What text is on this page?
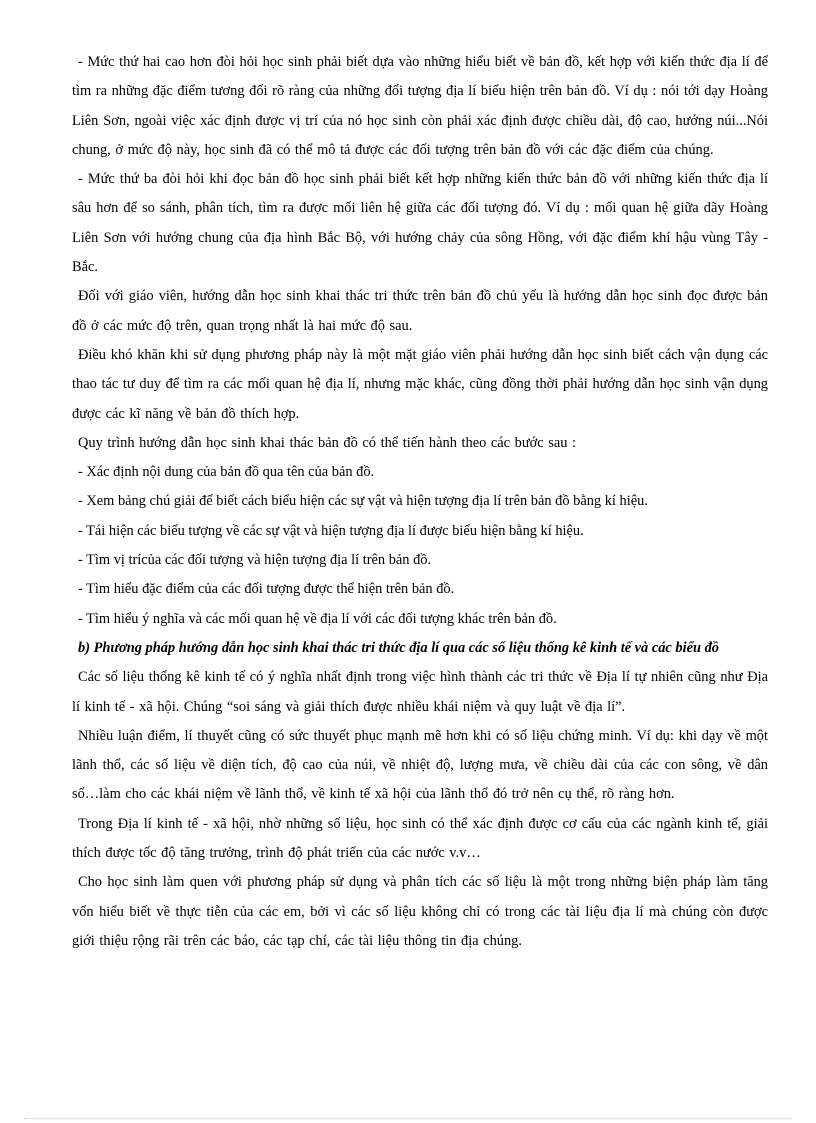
- Mức thứ hai cao hơn đòi hỏi học sinh phải biết dựa vào những hiểu biết về bản đồ, kết hợp với kiến thức địa lí để tìm ra những đặc điểm tương đối rõ ràng của những đối tượng địa lí biểu hiện trên bản đồ. Ví dụ : nói tới dạy Hoàng Liên Sơn, ngoài việc xác định được vị trí của nó học sinh còn phải xác định được chiều dài, độ cao, hướng núi...Nói chung, ở mức độ này, học sinh đã có thể mô tả được các đối tượng trên bản đồ với các đặc điểm của chúng.

- Mức thứ ba đòi hỏi khi đọc bản đồ học sinh phải biết kết hợp những kiến thức bản đồ với những kiến thức địa lí sâu hơn để so sánh, phân tích, tìm ra được mối liên hệ giữa các đối tượng đó. Ví dụ : mối quan hệ giữa dãy Hoàng Liên Sơn với hướng chung của địa hình Bắc Bộ, với hướng chảy của sông Hồng, với đặc điểm khí hậu vùng Tây - Bắc.

Đối với giáo viên, hướng dẫn học sinh khai thác tri thức trên bản đồ chủ yếu là hướng dẫn học sinh đọc được bản đồ ở các mức độ trên, quan trọng nhất là hai mức độ sau.

Điều khó khăn khi sử dụng phương pháp này là một mặt giáo viên phải hướng dẫn học sinh biết cách vận dụng các thao tác tư duy để tìm ra các mối quan hệ địa lí, nhưng mặc khác, cũng đồng thời phải hướng dẫn học sinh vận dụng được các kĩ năng về bản đồ thích hợp.

Quy trình hướng dẫn học sinh khai thác bản đồ có thể tiến hành theo các bước sau :

- Xác định nội dung của bản đồ qua tên của bản đồ.

- Xem bảng chú giải để biết cách biểu hiện các sự vật và hiện tượng địa lí trên bản đồ bằng kí hiệu.

- Tái hiện các biểu tượng về các sự vật và hiện tượng địa lí được biểu hiện bằng kí hiệu.

- Tìm vị trícủa các đối tượng và hiện tượng địa lí trên bản đồ.

- Tìm hiểu đặc điểm của các đối tượng được thể hiện trên bản đồ.

- Tìm hiểu ý nghĩa và các mối quan hệ về địa lí với các đối tượng khác trên bản đồ.

b) Phương pháp hướng dẫn học sinh khai thác tri thức địa lí qua các số liệu thống kê kinh tế và các biểu đồ

Các số liệu thống kê kinh tế có ý nghĩa nhất định trong việc hình thành các tri thức về Địa lí tự nhiên cũng như Địa lí kinh tế - xã hội. Chúng “soi sáng và giải thích được nhiều khái niệm và quy luật về địa lí”.

Nhiều luận điểm, lí thuyết cũng có sức thuyết phục mạnh mẽ hơn khi có số liệu chứng minh. Ví dụ: khi dạy về một lãnh thổ, các số liệu về diện tích, độ cao của núi, về nhiệt độ, lượng mưa, về chiều dài của các con sông, về dân số…làm cho các khái niệm về lãnh thổ, về kinh tế xã hội của lãnh thổ đó trở nên cụ thể, rõ ràng hơn.

Trong Địa lí kinh tế - xã hội, nhờ những số liệu, học sinh có thể xác định được cơ cấu của các ngành kinh tế, giải thích được tốc độ tăng trưởng, trình độ phát triển của các nước v.v…

Cho học sinh làm quen với phương pháp sử dụng và phân tích các số liệu là một trong những biện pháp làm tăng vốn hiểu biết về thực tiễn của các em, bởi vì các số liệu không chỉ có trong các tài liệu địa lí mà chúng còn được giới thiệu rộng rãi trên các báo, các tạp chí, các tài liệu thông tin địa chúng.
